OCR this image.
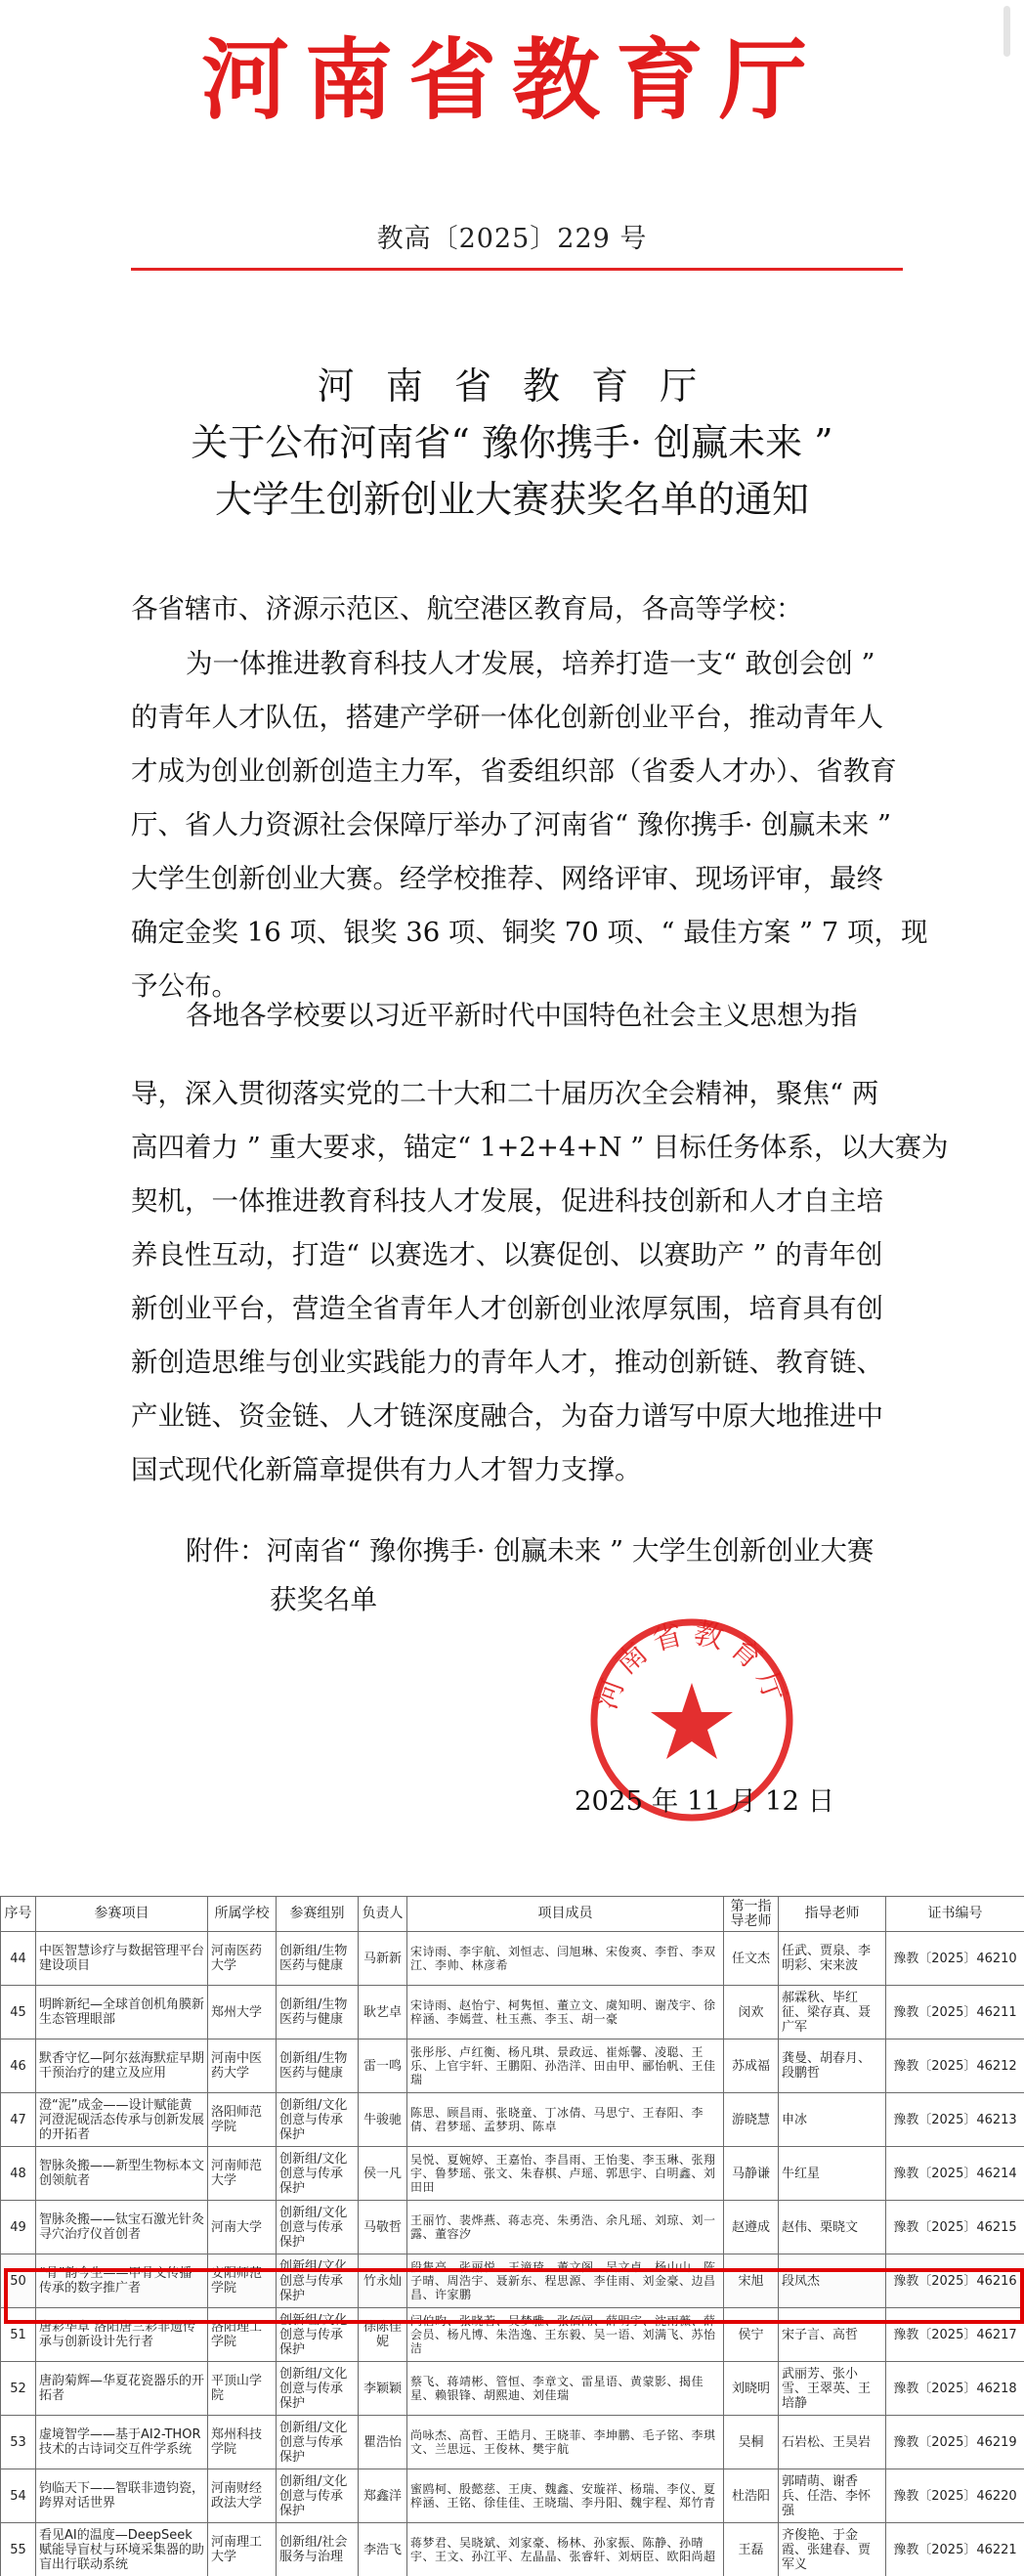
河南省教育厅
教高〔2025〕229 号
河 南 省 教 育 厅
关于公布河南省“ 豫你携手· 创赢未来 ”
大学生创新创业大赛获奖名单的通知
各省辖市、济源示范区、航空港区教育局，各高等学校：
为一体推进教育科技人才发展，培养打造一支“ 敢创会创 ”
的青年人才队伍，搭建产学研一体化创新创业平台，推动青年人
才成为创业创新创造主力军，省委组织部（省委人才办）、省教育
厅、省人力资源社会保障厅举办了河南省“ 豫你携手· 创赢未来 ”
大学生创新创业大赛。经学校推荐、网络评审、现场评审，最终
确定金奖 16 项、银奖 36 项、铜奖 70 项、“ 最佳方案 ” 7 项，现
予公布。
各地各学校要以习近平新时代中国特色社会主义思想为指
导，深入贯彻落实党的二十大和二十届历次全会精神，聚焦“ 两
高四着力 ” 重大要求，锚定“ 1+2+4+N ” 目标任务体系，以大赛为
契机，一体推进教育科技人才发展，促进科技创新和人才自主培
养良性互动，打造“ 以赛选才、以赛促创、以赛助产 ” 的青年创
新创业平台，营造全省青年人才创新创业浓厚氛围，培育具有创
新创造思维与创业实践能力的青年人才，推动创新链、教育链、
产业链、资金链、人才链深度融合，为奋力谱写中原大地推进中
国式现代化新篇章提供有力人才智力支撑。
附件：河南省“ 豫你携手· 创赢未来 ” 大学生创新创业大赛
获奖名单
河南省教育厅
2025 年 11 月 12 日
序号	参赛项目	所属学校	参赛组别	负责人	项目成员	第一指导老师	指导老师	证书编号
44	中医智慧诊疗与数据管理平台建设项目	河南医药大学	创新组/生物医药与健康	马新新	宋诗雨、李宇航、刘恒志、闫旭琳、宋俊爽、李哲、李双江、李帅、林彦希	任文杰	任武、贾泉、李明彩、宋来波	豫教〔2025〕46210
45	明眸新纪—全球首创机角膜新生态管理眼部	郑州大学	创新组/生物医药与健康	耿艺卓	宋诗雨、赵怡宁、柯隽恒、董立文、虞知明、谢茂宇、徐梓涵、李嫣萱、杜玉燕、李玉、胡一豪	闵欢	郝霖秋、毕红征、梁存真、聂广军	豫教〔2025〕46211
46	默香守忆—阿尔兹海默症早期干预治疗的建立及应用	河南中医药大学	创新组/生物医药与健康	雷一鸣	张彤彤、卢红衡、杨凡琪、景政远、崔烁馨、凌聪、王乐、上官宇轩、王鹏阳、孙浩洋、田由甲、郦怡帆、王佳瑞	苏成福	龚曼、胡春月、段鹏哲	豫教〔2025〕46212
47	澄“泥”成金——设计赋能黄河澄泥砚活态传承与创新发展的开拓者	洛阳师范学院	创新组/文化创意与传承保护	牛骏驰	陈思、顾昌雨、张晓童、丁冰倩、马思宁、王春阳、李倩、君梦瑶、孟梦玥、陈卓	游晓慧	申冰	豫教〔2025〕46213
48	智脉灸搬——新型生物标本文创领航者	河南师范大学	创新组/文化创意与传承保护	侯一凡	吴悦、夏婉婷、王嘉怡、李昌雨、王怡斐、李玉琳、张翔宇、鲁梦瑶、张文、朱春棋、卢瑶、郭思宇、白明鑫、刘田田	马静谦	牛红星	豫教〔2025〕46214
49	智脉灸搬——钛宝石激光针灸寻穴治疗仪首创者	河南大学	创新组/文化创意与传承保护	马敬哲	王丽竹、裴烨燕、蒋志亮、朱勇浩、余凡瑶、刘琼、刘一露、董容汐	赵遵成	赵伟、栗晓文	豫教〔2025〕46215
50	“骨”韵今生——甲骨文传播传承的数字推广者	安阳师范学院	创新组/文化创意与传承保护	竹永灿	段隽亮、张丽悦、王潼琦、董文阁、吴文卓、杨山山、陈子晴、周浩宇、聂新东、程思源、李佳雨、刘金豪、边昌昌、许家鹏	宋旭	段凤杰	豫教〔2025〕46216
51	唐彩华章 洛阳唐三彩非遗传承与创新设计先行者	洛阳理工学院	创新组/文化创意与传承保护	徐陈佳妮	闫伯昀、张晓若、吴梦雅、张佰闻、薛明宇、沈雨薇、薛会员、杨凡博、朱浩逸、王东毅、吴一语、刘满飞、苏怡洁	侯宁	宋子言、高哲	豫教〔2025〕46217
52	唐韵菊辉—华夏花瓷器乐的开拓者	平顶山学院	创新组/文化创意与传承保护	李颖颖	蔡飞、蒋靖彬、管恒、李章文、雷星语、黄蒙影、揭佳星、赖银锋、胡熙迪、刘佳瑞	刘晓明	武丽芳、张小雪、王翠英、王培静	豫教〔2025〕46218
53	虚境智学——基于AI2-THOR技术的古诗词交互件学系统	郑州科技学院	创新组/文化创意与传承保护	瞿浩怡	尚咏杰、高哲、王皓月、王晓菲、李坤鹏、毛子铭、李琪文、兰思远、王俊林、樊宇航	吴桐	石岩松、王昊岩	豫教〔2025〕46219
54	钧临天下——智联非遗钧瓷，跨界对话世界	河南财经政法大学	创新组/文化创意与传承保护	郑鑫洋	蜜鸥柯、殷懿慈、王庚、魏鑫、安璇祥、杨瑞、李仪、夏梓涵、王铭、徐佳佳、王晓瑞、李丹阳、魏宇程、郑竹青	杜浩阳	郭晴萌、谢香兵、任浩、李怀强	豫教〔2025〕46220
55	看见AI的温度—DeepSeek赋能导盲杖与环境采集器的助盲出行联动系统	河南理工大学	创新组/社会服务与治理	李浩飞	蒋梦君、吴晓斌、刘家豪、杨林、孙家振、陈静、孙晴宇、王文、孙江平、左晶晶、张睿轩、刘炳臣、欧阳尚超	王磊	齐俊艳、于金霞、张建春、贾军义	豫教〔2025〕46221
